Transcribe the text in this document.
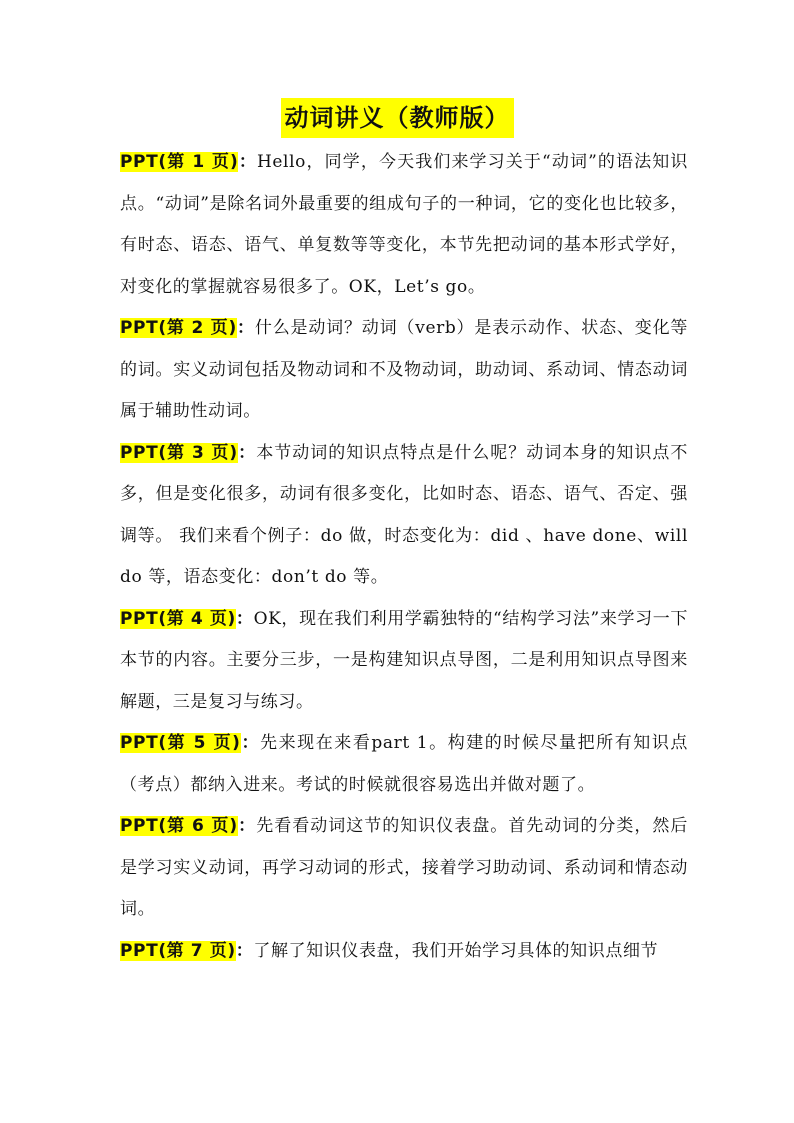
动词讲义（教师版）

PPT(第 1 页)：Hello，同学，今天我们来学习关于“动词”的语法知识点。“动词”是除名词外最重要的组成句子的一种词，它的变化也比较多，有时态、语态、语气、单复数等等变化，本节先把动词的基本形式学好，对变化的掌握就容易很多了。OK，Let’s go。

PPT(第 2 页)：什么是动词？动词（verb）是表示动作、状态、变化等的词。实义动词包括及物动词和不及物动词，助动词、系动词、情态动词属于辅助性动词。

PPT(第 3 页)：本节动词的知识点特点是什么呢？动词本身的知识点不多，但是变化很多，动词有很多变化，比如时态、语态、语气、否定、强调等。 我们来看个例子：do 做，时态变化为：did 、have done、will do 等，语态变化：don’t do 等。

PPT(第 4 页)：OK，现在我们利用学霸独特的“结构学习法”来学习一下本节的内容。主要分三步，一是构建知识点导图，二是利用知识点导图来解题，三是复习与练习。

PPT(第 5 页)：先来现在来看part 1。构建的时候尽量把所有知识点（考点）都纳入进来。考试的时候就很容易选出并做对题了。

PPT(第 6 页)：先看看动词这节的知识仪表盘。首先动词的分类，然后是学习实义动词，再学习动词的形式，接着学习助动词、系动词和情态动词。

PPT(第 7 页)：了解了知识仪表盘，我们开始学习具体的知识点细节
